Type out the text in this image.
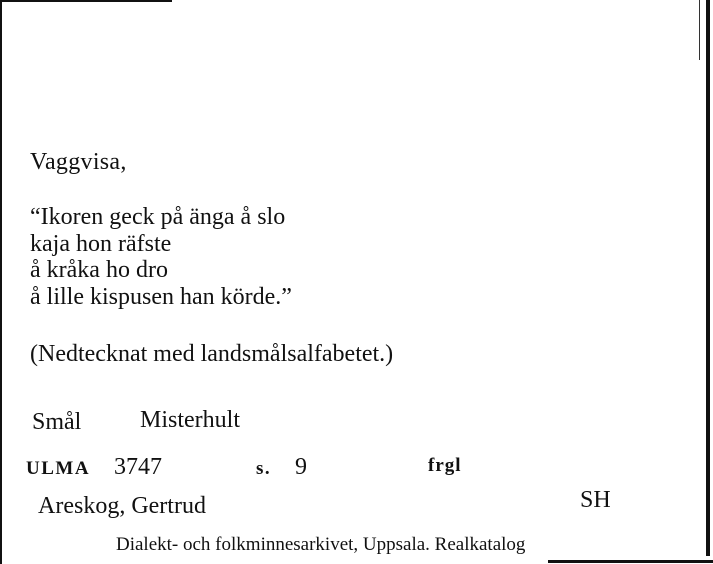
Vaggvisa,
“Ikoren geck på änga å slo
kaja hon räfste
å kråka ho dro
å lille kispusen han körde.”
(Nedtecknat med landsmålsalfabetet.)
Smål Misterhult
ULMA 3747	s. 9	frgl
Areskog, Gertrud	SH
Dialekt- och folkminnesarkivet, Uppsala. Realkatalog
